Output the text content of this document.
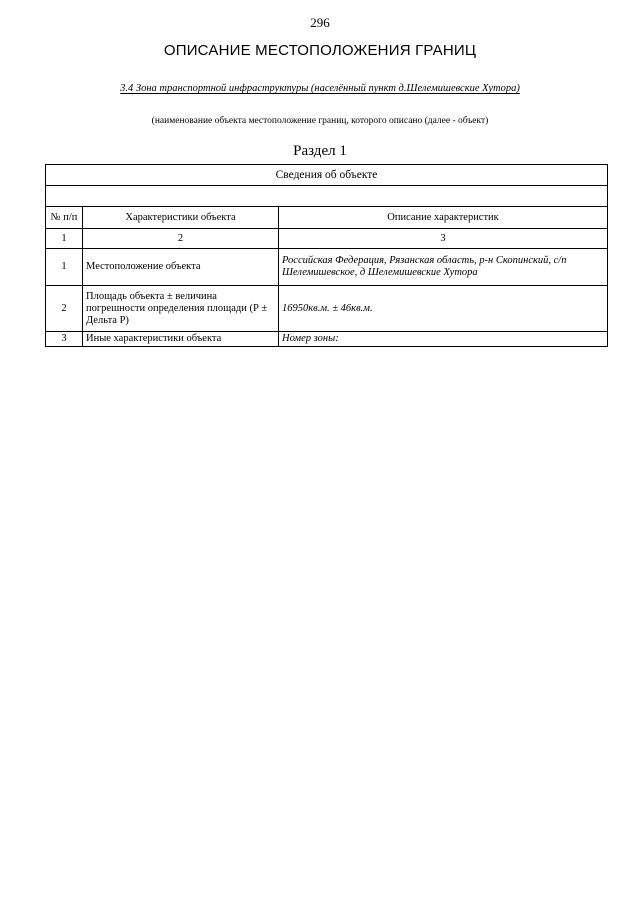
296
ОПИСАНИЕ МЕСТОПОЛОЖЕНИЯ ГРАНИЦ
3.4 Зона транспортной инфраструктуры (населённый пункт д.Шелемишевские Хутора)
(наименование объекта местоположение границ, которого описано (далее - объект)
Раздел 1
Сведения об объекте		

№ п/п	Характеристики объекта	Описание характеристик
1	2	3
1	Местоположение объекта	Российская Федерация, Рязанская область, р-н Скопинский, с/п Шелемишевское, д Шелемишевские Хутора
2	Площадь объекта ± величина погрешности определения площади (Р ± Дельта Р)	16950кв.м. ± 46кв.м.
3	Иные характеристики объекта	Номер зоны:
